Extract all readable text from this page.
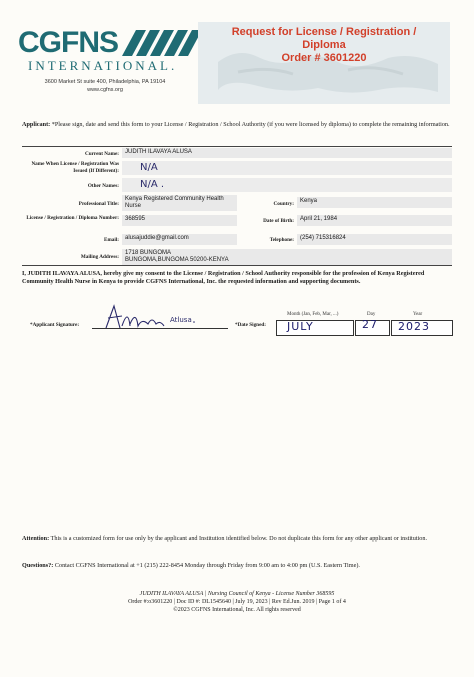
CGFNS
INTERNATIONAL.
3600 Market St suite 400, Philadelphia, PA 19104
www.cgfns.org
Request for License / Registration /
Diploma
Order # 3601220
Applicant: *Please sign, date and send this form to your License / Registration / School Authority (if you were licensed by diploma) to complete the remaining information.
Current Name:	JUDITH ILAVAYA ALUSA
Name When License / Registration Was Issued (If Different): N/A
Other Names: N/A .
Professional Title:
Kenya Registered Community Health Nurse	Country:	Kenya
License / Registration / Diploma Number:	368595	Date of Birth:	April 21, 1984
Email:	alusajuddie@gmail.com	Telephone:	(254) 715316824
Mailing Address:
1718 BUNGOMA
BUNGOMA,BUNGOMA 50200-KENYA
I, JUDITH ILAVAYA ALUSA, hereby give my consent to the License / Registration / School Authority responsible for the profession of Kenya Registered Community Health Nurse in Kenya to provide CGFNS International, Inc. the requested information and supporting documents.
*Applicant Signature:
Atlusa
*Date Signed:
Month (Jan, Feb, Mar, ...)	Day	Year
JULY	27 2023
Attention: This is a customized form for use only by the applicant and Institution identified below. Do not duplicate this form for any other applicant or institution.
Questions?: Contact CGFNS International at +1 (215) 222-8454 Monday through Friday from 9:00 am to 4:00 pm (U.S. Eastern Time).
JUDITH ILAVAYA ALUSA | Nursing Council of Kenya - License Number 368595
Order #:o3601220 | Doc ID #: DL1545640 | July 19, 2023 | Rev Ed.Jun. 2019 | Page 1 of 4
©2023 CGFNS International, Inc. All rights reserved
